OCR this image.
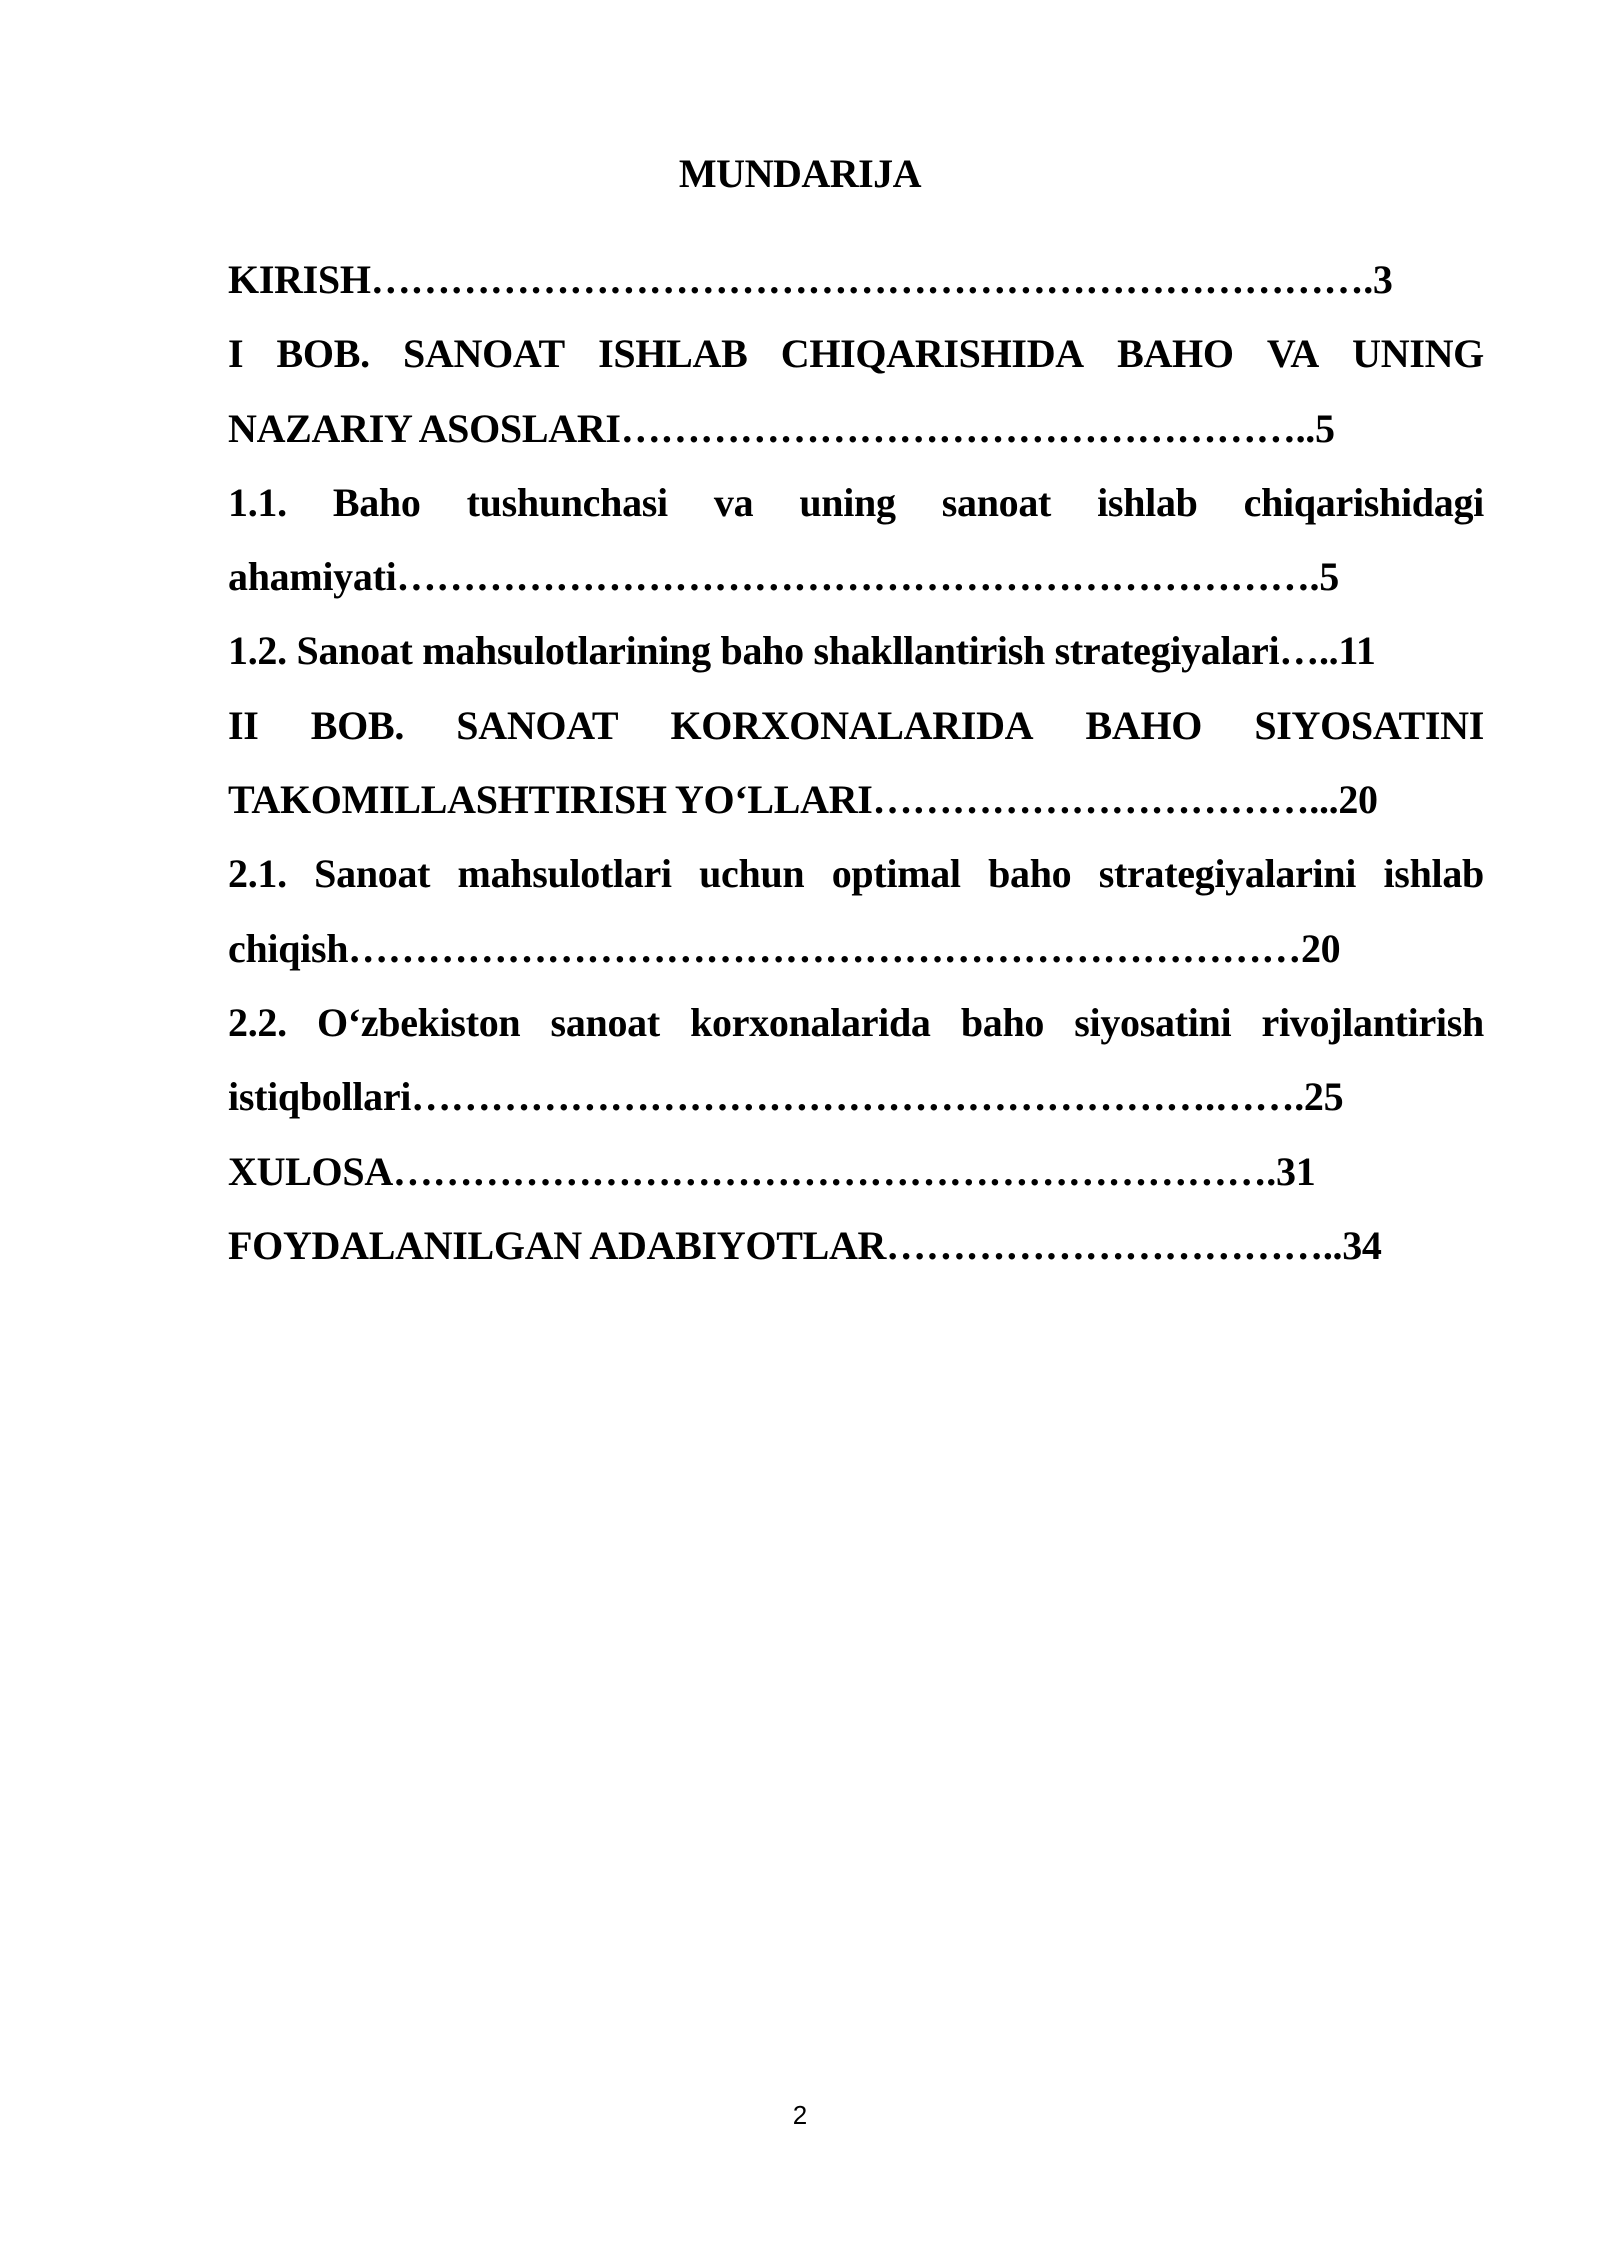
MUNDARIJA
KIRISH………………………………………………………………….3
I BOB. SANOAT ISHLAB CHIQARISHIDA BAHO VA UNING
NAZARIY ASOSLARI……………………………………………..5
1.1. Baho tushunchasi va uning sanoat ishlab chiqarishidagi
ahamiyati…………………………………………………………….5
1.2. Sanoat mahsulotlarining baho shakllantirish strategiyalari…..11
II BOB. SANOAT KORXONALARIDA BAHO SIYOSATINI
TAKOMILLASHTIRISH YO‘LLARI……………………………...20
2.1. Sanoat mahsulotlari uchun optimal baho strategiyalarini ishlab
chiqish………………………………………………………………20
2.2. O‘zbekiston sanoat korxonalarida baho siyosatini rivojlantirish
istiqbollari…………………………………………………….…….25
XULOSA………………………………………………………….31
FOYDALANILGAN ADABIYOTLAR……………………………..34
2
